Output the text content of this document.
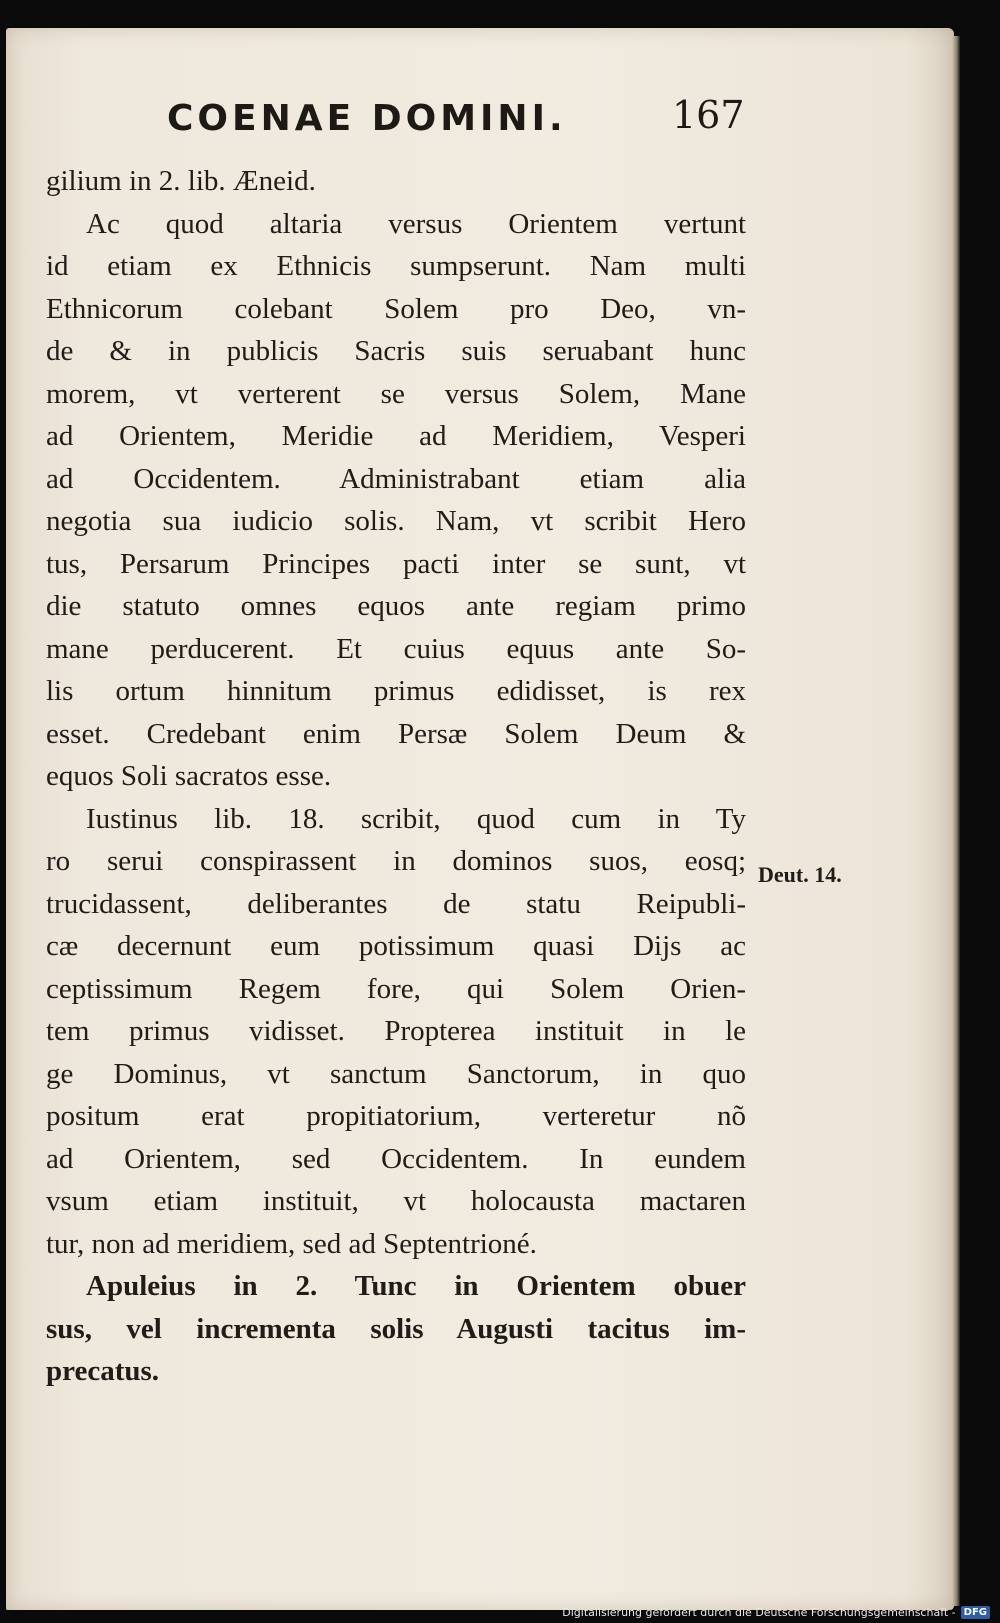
COENAE DOMINI.	167
gilium in 2. lib. Æneid.
Ac quod altaria versus Orientem vertunt
id etiam ex Ethnicis sumpserunt. Nam multi
Ethnicorum colebant Solem pro Deo, vn-
de & in publicis Sacris suis seruabant hunc
morem, vt verterent se versus Solem, Mane
ad Orientem, Meridie ad Meridiem, Vesperi
ad Occidentem. Administrabant etiam alia
negotia sua iudicio solis. Nam, vt scribit Hero
tus, Persarum Principes pacti inter se sunt, vt
die statuto omnes equos ante regiam primo
mane perducerent. Et cuius equus ante So-
lis ortum hinnitum primus edidisset, is rex
esset. Credebant enim Persæ Solem Deum &
equos Soli sacratos esse.
Iustinus lib. 18. scribit, quod cum in Ty
ro serui conspirassent in dominos suos, eosq;
trucidassent, deliberantes de statu Reipubli-
cæ decernunt eum potissimum quasi Dijs ac
ceptissimum Regem fore, qui Solem Orien-
tem primus vidisset. Propterea instituit in le
ge Dominus, vt sanctum Sanctorum, in quo
positum erat propitiatorium, verteretur nõ
ad Orientem, sed Occidentem. In eundem
vsum etiam instituit, vt holocausta mactaren
tur, non ad meridiem, sed ad Septentrioné.
Apuleius in 2. Tunc in Orientem obuer
sus, vel incrementa solis Augusti tacitus im-
precatus.
Deut. 14.
Digitalisierung gefördert durch die Deutsche Forschungsgemeinschaft - DFG
